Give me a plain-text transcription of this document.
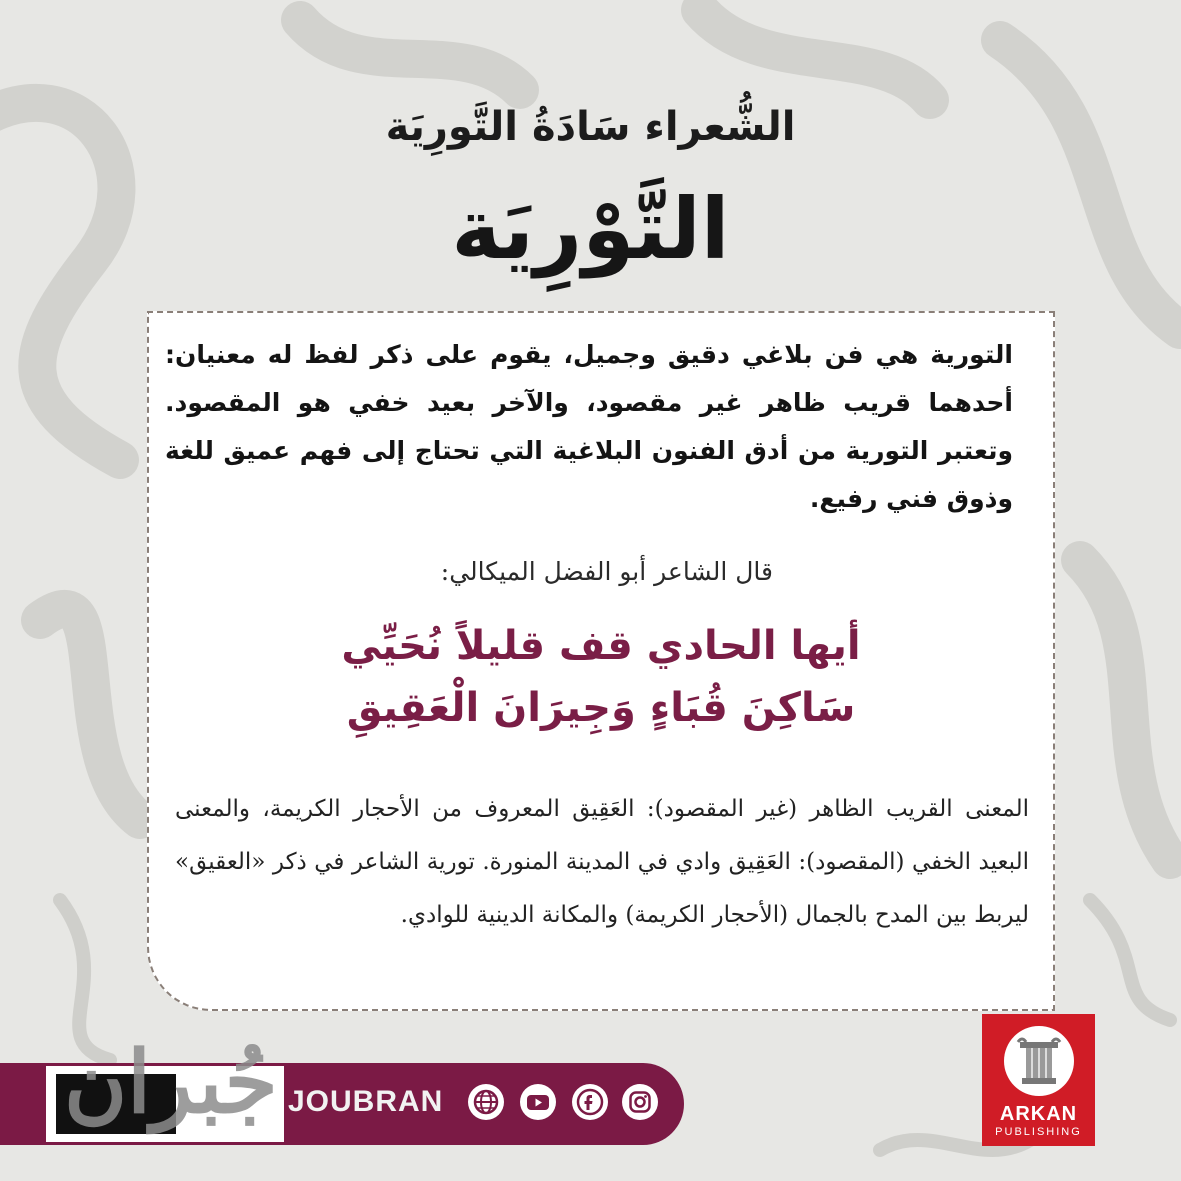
الشُّعراء سَادَةُ التَّورِيَة
التَّوْرِيَة
التورية هي فن بلاغي دقيق وجميل، يقوم على ذكر لفظ له معنيان: أحدهما قريب ظاهر غير مقصود، والآخر بعيد خفي هو المقصود. وتعتبر التورية من أدق الفنون البلاغية التي تحتاج إلى فهم عميق للغة وذوق فني رفيع.
قال الشاعر أبو الفضل الميكالي:
أيها الحادي قف قليلاً نُحَيِّي
سَاكِنَ قُبَاءٍ وَجِيرَانَ الْعَقِيقِ
المعنى القريب الظاهر (غير المقصود): العَقِيق المعروف من الأحجار الكريمة، والمعنى البعيد الخفي (المقصود): العَقِيق وادي في المدينة المنورة. تورية الشاعر في ذكر «العقيق» ليربط بين المدح بالجمال (الأحجار الكريمة) والمكانة الدينية للوادي.
جُبران JOUBRAN	ARKAN
PUBLISHING
